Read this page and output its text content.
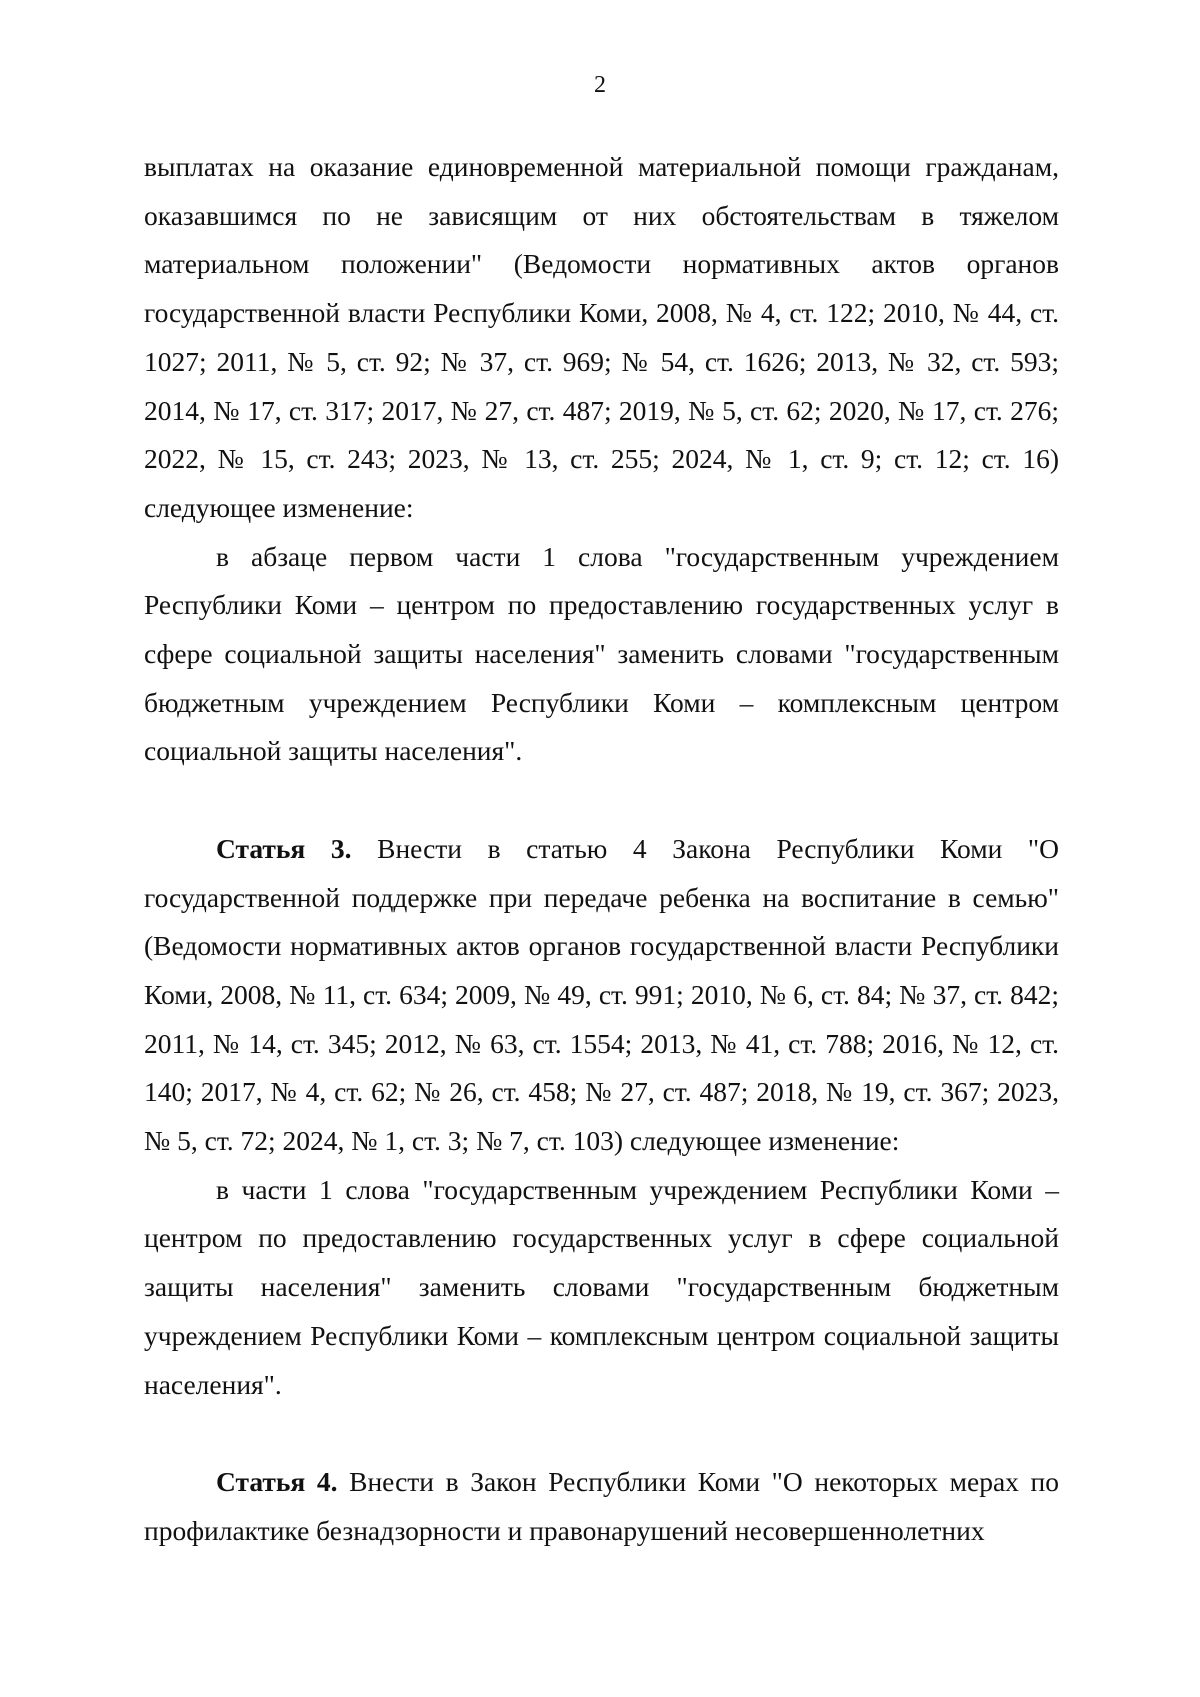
2

выплатах на оказание единовременной материальной помощи гражданам, оказавшимся по не зависящим от них обстоятельствам в тяжелом материальном положении" (Ведомости нормативных актов органов государственной власти Республики Коми, 2008, № 4, ст. 122; 2010, № 44, ст. 1027; 2011, № 5, ст. 92; № 37, ст. 969; № 54, ст. 1626; 2013, № 32, ст. 593; 2014, № 17, ст. 317; 2017, № 27, ст. 487; 2019, № 5, ст. 62; 2020, № 17, ст. 276; 2022, № 15, ст. 243; 2023, № 13, ст. 255; 2024, № 1, ст. 9; ст. 12; ст. 16) следующее изменение:

в абзаце первом части 1 слова "государственным учреждением Республики Коми – центром по предоставлению государственных услуг в сфере социальной защиты населения" заменить словами "государственным бюджетным учреждением Республики Коми – комплексным центром социальной защиты населения".

Статья 3. Внести в статью 4 Закона Республики Коми "О государственной поддержке при передаче ребенка на воспитание в семью" (Ведомости нормативных актов органов государственной власти Республики Коми, 2008, № 11, ст. 634; 2009, № 49, ст. 991; 2010, № 6, ст. 84; № 37, ст. 842; 2011, № 14, ст. 345; 2012, № 63, ст. 1554; 2013, № 41, ст. 788; 2016, № 12, ст. 140; 2017, № 4, ст. 62; № 26, ст. 458; № 27, ст. 487; 2018, № 19, ст. 367; 2023, № 5, ст. 72; 2024, № 1, ст. 3; № 7, ст. 103) следующее изменение:

в части 1 слова "государственным учреждением Республики Коми – центром по предоставлению государственных услуг в сфере социальной защиты населения" заменить словами "государственным бюджетным учреждением Республики Коми – комплексным центром социальной защиты населения".

Статья 4. Внести в Закон Республики Коми "О некоторых мерах по профилактике безнадзорности и правонарушений несовершеннолетних
